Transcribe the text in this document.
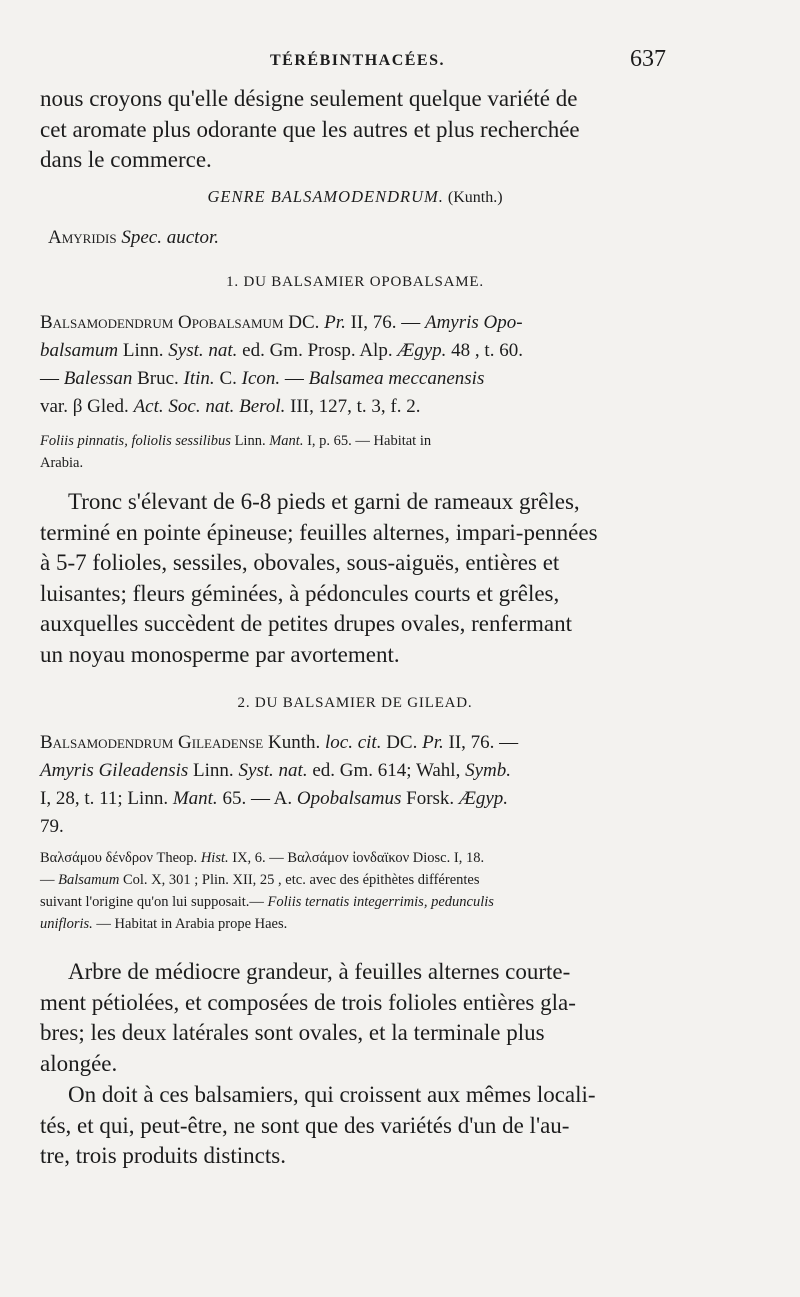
TÉRÉBINTHACÉES.	637

nous croyons qu'elle désigne seulement quelque variété de

cet aromate plus odorante que les autres et plus recherchée

dans le commerce.

GENRE BALSAMODENDRUM. (Kunth.)
Amyridis Spec. auctor.
1. DU BALSAMIER OPOBALSAME.

Balsamodendrum Opobalsamum DC. Pr. II, 76. — Amyris Opo-

balsamum Linn. Syst. nat. ed. Gm. Prosp. Alp. Ægyp. 48 , t. 60.

— Balessan Bruc. Itin. C. Icon. — Balsamea meccanensis

var. β Gled. Act. Soc. nat. Berol. III, 127, t. 3, f. 2.

Foliis pinnatis, foliolis sessilibus Linn. Mant. I, p. 65. — Habitat in

Arabia.

Tronc s'élevant de 6-8 pieds et garni de rameaux grêles,

terminé en pointe épineuse; feuilles alternes, impari-pennées

à 5-7 folioles, sessiles, obovales, sous-aiguës, entières et

luisantes; fleurs géminées, à pédoncules courts et grêles,

auxquelles succèdent de petites drupes ovales, renfermant

un noyau monosperme par avortement.

2. DU BALSAMIER DE GILEAD.

Balsamodendrum Gileadense Kunth. loc. cit. DC. Pr. II, 76. —

Amyris Gileadensis Linn. Syst. nat. ed. Gm. 614; Wahl, Symb.

I, 28, t. 11; Linn. Mant. 65. — A. Opobalsamus Forsk. Ægyp.

79.

Βαλσάμου δένδρον Theop. Hist. IX, 6. — Βαλσάμον ἰονδαϊκον Diosc. I, 18.

— Balsamum Col. X, 301 ; Plin. XII, 25 , etc. avec des épithètes différentes

suivant l'origine qu'on lui supposait.— Foliis ternatis integerrimis, pedunculis

unifloris. — Habitat in Arabia prope Haes.

Arbre de médiocre grandeur, à feuilles alternes courte-

ment pétiolées, et composées de trois folioles entières gla-

bres; les deux latérales sont ovales, et la terminale plus

alongée.

On doit à ces balsamiers, qui croissent aux mêmes locali-

tés, et qui, peut-être, ne sont que des variétés d'un de l'au-

tre, trois produits distincts.
